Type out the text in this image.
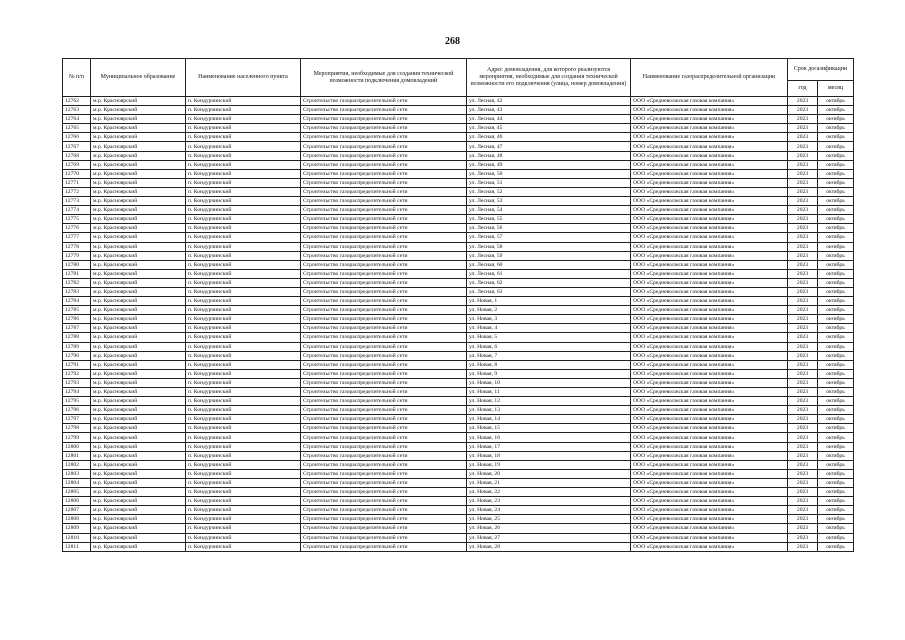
268
№ п/п	Муниципальное образование	Наименование населенного пункта	Мероприятия, необходимые для создания технической возможности подключения домовладений	Адрес домовладения, для которого реализуются мероприятия, необходимые для создания технической возможности его подключения (улица, номер домовладения)	Наименование газораспределительной организации	Срок догазификации	
						год	месяц
12762	м.р. Красноярский	п. Кондурчинский	Строительство газораспределительной сети	ул. Лесная, 42	ООО «Средневолжская газовая компания»	2023	октябрь
12763	м.р. Красноярский	п. Кондурчинский	Строительство газораспределительной сети	ул. Лесная, 43	ООО «Средневолжская газовая компания»	2023	октябрь
12764	м.р. Красноярский	п. Кондурчинский	Строительство газораспределительной сети	ул. Лесная, 44	ООО «Средневолжская газовая компания»	2023	октябрь
12765	м.р. Красноярский	п. Кондурчинский	Строительство газораспределительной сети	ул. Лесная, 45	ООО «Средневолжская газовая компания»	2023	октябрь
12766	м.р. Красноярский	п. Кондурчинский	Строительство газораспределительной сети	ул. Лесная, 46	ООО «Средневолжская газовая компания»	2023	октябрь
12767	м.р. Красноярский	п. Кондурчинский	Строительство газораспределительной сети	ул. Лесная, 47	ООО «Средневолжская газовая компания»	2023	октябрь
12768	м.р. Красноярский	п. Кондурчинский	Строительство газораспределительной сети	ул. Лесная, 48	ООО «Средневолжская газовая компания»	2023	октябрь
12769	м.р. Красноярский	п. Кондурчинский	Строительство газораспределительной сети	ул. Лесная, 49	ООО «Средневолжская газовая компания»	2023	октябрь
12770	м.р. Красноярский	п. Кондурчинский	Строительство газораспределительной сети	ул. Лесная, 50	ООО «Средневолжская газовая компания»	2023	октябрь
12771	м.р. Красноярский	п. Кондурчинский	Строительство газораспределительной сети	ул. Лесная, 51	ООО «Средневолжская газовая компания»	2023	октябрь
12772	м.р. Красноярский	п. Кондурчинский	Строительство газораспределительной сети	ул. Лесная, 52	ООО «Средневолжская газовая компания»	2023	октябрь
12773	м.р. Красноярский	п. Кондурчинский	Строительство газораспределительной сети	ул. Лесная, 53	ООО «Средневолжская газовая компания»	2023	октябрь
12774	м.р. Красноярский	п. Кондурчинский	Строительство газораспределительной сети	ул. Лесная, 54	ООО «Средневолжская газовая компания»	2023	октябрь
12775	м.р. Красноярский	п. Кондурчинский	Строительство газораспределительной сети	ул. Лесная, 55	ООО «Средневолжская газовая компания»	2023	октябрь
12776	м.р. Красноярский	п. Кондурчинский	Строительство газораспределительной сети	ул. Лесная, 56	ООО «Средневолжская газовая компания»	2023	октябрь
12777	м.р. Красноярский	п. Кондурчинский	Строительство газораспределительной сети	ул. Лесная, 57	ООО «Средневолжская газовая компания»	2023	октябрь
12778	м.р. Красноярский	п. Кондурчинский	Строительство газораспределительной сети	ул. Лесная, 58	ООО «Средневолжская газовая компания»	2023	октябрь
12779	м.р. Красноярский	п. Кондурчинский	Строительство газораспределительной сети	ул. Лесная, 59	ООО «Средневолжская газовая компания»	2023	октябрь
12780	м.р. Красноярский	п. Кондурчинский	Строительство газораспределительной сети	ул. Лесная, 60	ООО «Средневолжская газовая компания»	2023	октябрь
12781	м.р. Красноярский	п. Кондурчинский	Строительство газораспределительной сети	ул. Лесная, 61	ООО «Средневолжская газовая компания»	2023	октябрь
12782	м.р. Красноярский	п. Кондурчинский	Строительство газораспределительной сети	ул. Лесная, 62	ООО «Средневолжская газовая компания»	2023	октябрь
12783	м.р. Красноярский	п. Кондурчинский	Строительство газораспределительной сети	ул. Лесная, 63	ООО «Средневолжская газовая компания»	2023	октябрь
12784	м.р. Красноярский	п. Кондурчинский	Строительство газораспределительной сети	ул. Новая, 1	ООО «Средневолжская газовая компания»	2023	октябрь
12785	м.р. Красноярский	п. Кондурчинский	Строительство газораспределительной сети	ул. Новая, 2	ООО «Средневолжская газовая компания»	2023	октябрь
12786	м.р. Красноярский	п. Кондурчинский	Строительство газораспределительной сети	ул. Новая, 3	ООО «Средневолжская газовая компания»	2023	октябрь
12787	м.р. Красноярский	п. Кондурчинский	Строительство газораспределительной сети	ул. Новая, 4	ООО «Средневолжская газовая компания»	2023	октябрь
12788	м.р. Красноярский	п. Кондурчинский	Строительство газораспределительной сети	ул. Новая, 5	ООО «Средневолжская газовая компания»	2023	октябрь
12789	м.р. Красноярский	п. Кондурчинский	Строительство газораспределительной сети	ул. Новая, 6	ООО «Средневолжская газовая компания»	2023	октябрь
12790	м.р. Красноярский	п. Кондурчинский	Строительство газораспределительной сети	ул. Новая, 7	ООО «Средневолжская газовая компания»	2023	октябрь
12791	м.р. Красноярский	п. Кондурчинский	Строительство газораспределительной сети	ул. Новая, 8	ООО «Средневолжская газовая компания»	2023	октябрь
12792	м.р. Красноярский	п. Кондурчинский	Строительство газораспределительной сети	ул. Новая, 9	ООО «Средневолжская газовая компания»	2023	октябрь
12793	м.р. Красноярский	п. Кондурчинский	Строительство газораспределительной сети	ул. Новая, 10	ООО «Средневолжская газовая компания»	2023	октябрь
12794	м.р. Красноярский	п. Кондурчинский	Строительство газораспределительной сети	ул. Новая, 11	ООО «Средневолжская газовая компания»	2023	октябрь
12795	м.р. Красноярский	п. Кондурчинский	Строительство газораспределительной сети	ул. Новая, 12	ООО «Средневолжская газовая компания»	2023	октябрь
12796	м.р. Красноярский	п. Кондурчинский	Строительство газораспределительной сети	ул. Новая, 13	ООО «Средневолжская газовая компания»	2023	октябрь
12797	м.р. Красноярский	п. Кондурчинский	Строительство газораспределительной сети	ул. Новая, 14	ООО «Средневолжская газовая компания»	2023	октябрь
12798	м.р. Красноярский	п. Кондурчинский	Строительство газораспределительной сети	ул. Новая, 15	ООО «Средневолжская газовая компания»	2023	октябрь
12799	м.р. Красноярский	п. Кондурчинский	Строительство газораспределительной сети	ул. Новая, 16	ООО «Средневолжская газовая компания»	2023	октябрь
12800	м.р. Красноярский	п. Кондурчинский	Строительство газораспределительной сети	ул. Новая, 17	ООО «Средневолжская газовая компания»	2023	октябрь
12801	м.р. Красноярский	п. Кондурчинский	Строительство газораспределительной сети	ул. Новая, 18	ООО «Средневолжская газовая компания»	2023	октябрь
12802	м.р. Красноярский	п. Кондурчинский	Строительство газораспределительной сети	ул. Новая, 19	ООО «Средневолжская газовая компания»	2023	октябрь
12803	м.р. Красноярский	п. Кондурчинский	Строительство газораспределительной сети	ул. Новая, 20	ООО «Средневолжская газовая компания»	2023	октябрь
12804	м.р. Красноярский	п. Кондурчинский	Строительство газораспределительной сети	ул. Новая, 21	ООО «Средневолжская газовая компания»	2023	октябрь
12805	м.р. Красноярский	п. Кондурчинский	Строительство газораспределительной сети	ул. Новая, 22	ООО «Средневолжская газовая компания»	2023	октябрь
12806	м.р. Красноярский	п. Кондурчинский	Строительство газораспределительной сети	ул. Новая, 23	ООО «Средневолжская газовая компания»	2023	октябрь
12807	м.р. Красноярский	п. Кондурчинский	Строительство газораспределительной сети	ул. Новая, 24	ООО «Средневолжская газовая компания»	2023	октябрь
12808	м.р. Красноярский	п. Кондурчинский	Строительство газораспределительной сети	ул. Новая, 25	ООО «Средневолжская газовая компания»	2023	октябрь
12809	м.р. Красноярский	п. Кондурчинский	Строительство газораспределительной сети	ул. Новая, 26	ООО «Средневолжская газовая компания»	2023	октябрь
12810	м.р. Красноярский	п. Кондурчинский	Строительство газораспределительной сети	ул. Новая, 27	ООО «Средневолжская газовая компания»	2023	октябрь
12811	м.р. Красноярский	п. Кондурчинский	Строительство газораспределительной сети	ул. Новая, 28	ООО «Средневолжская газовая компания»	2023	октябрь
